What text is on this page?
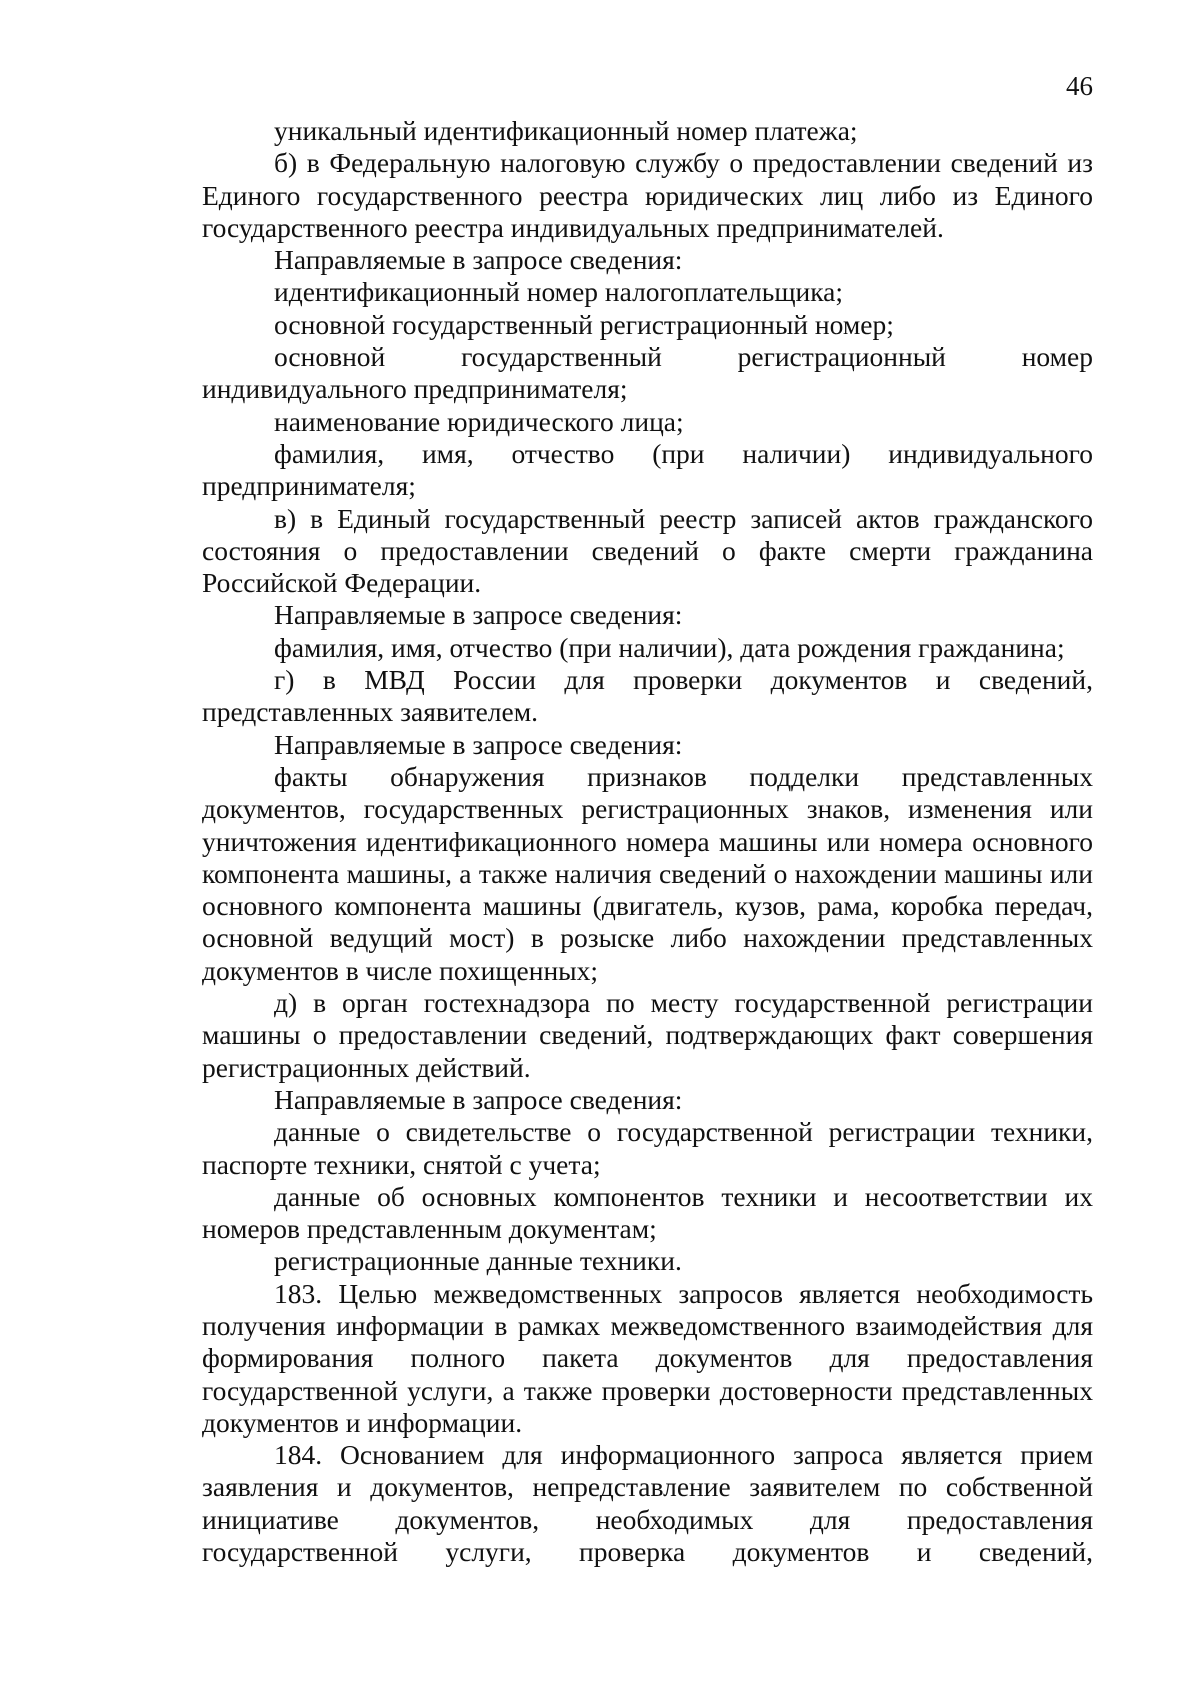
46

уникальный идентификационный номер платежа;

б) в Федеральную налоговую службу о предоставлении сведений из Единого государственного реестра юридических лиц либо из Единого государственного реестра индивидуальных предпринимателей.

Направляемые в запросе сведения:

идентификационный номер налогоплательщика;

основной государственный регистрационный номер;

основной государственный регистрационный номер индивидуального предпринимателя;

наименование юридического лица;

фамилия, имя, отчество (при наличии) индивидуального предпринимателя;

в) в Единый государственный реестр записей актов гражданского состояния о предоставлении сведений о факте смерти гражданина Российской Федерации.

Направляемые в запросе сведения:

фамилия, имя, отчество (при наличии), дата рождения гражданина;

г) в МВД России для проверки документов и сведений, представленных заявителем.

Направляемые в запросе сведения:

факты обнаружения признаков подделки представленных документов, государственных регистрационных знаков, изменения или уничтожения идентификационного номера машины или номера основного компонента машины, а также наличия сведений о нахождении машины или основного компонента машины (двигатель, кузов, рама, коробка передач, основной ведущий мост) в розыске либо нахождении представленных документов в числе похищенных;

д) в орган гостехнадзора по месту государственной регистрации машины о предоставлении сведений, подтверждающих факт совершения регистрационных действий.

Направляемые в запросе сведения:

данные о свидетельстве о государственной регистрации техники, паспорте техники, снятой с учета;

данные об основных компонентов техники и несоответствии их номеров представленным документам;

регистрационные данные техники.

183. Целью межведомственных запросов является необходимость получения информации в рамках межведомственного взаимодействия для формирования полного пакета документов для предоставления государственной услуги, а также проверки достоверности представленных документов и информации.

184. Основанием для информационного запроса является прием заявления и документов, непредставление заявителем по собственной инициативе документов, необходимых для предоставления государственной услуги, проверка документов и сведений,
